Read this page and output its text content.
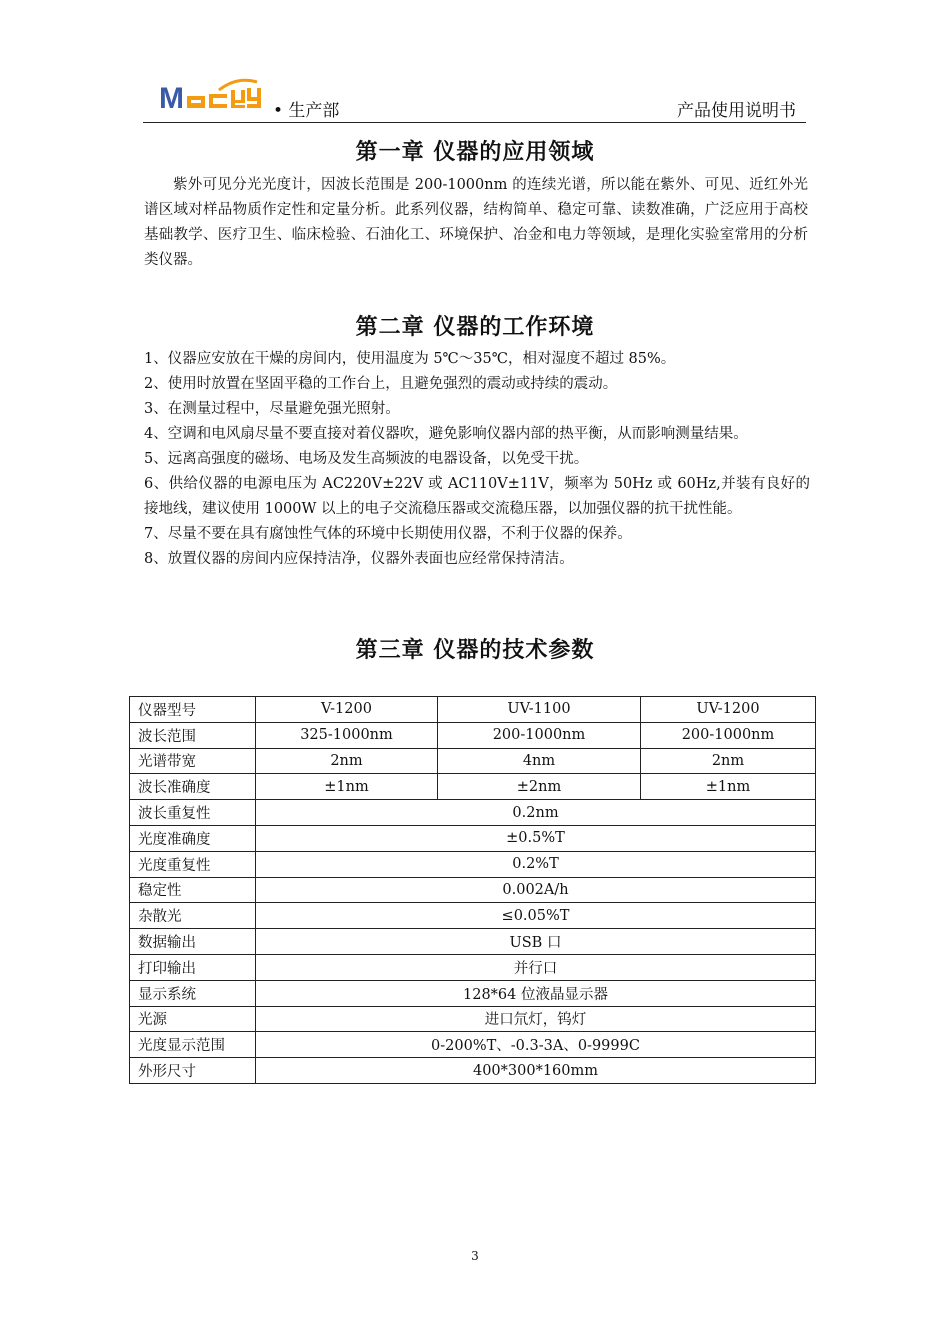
M	• 生产部	产品使用说明书
第一章 仪器的应用领域

紫外可见分光光度计，因波长范围是 200-1000nm 的连续光谱，所以能在紫外、可见、近红外光谱区域对样品物质作定性和定量分析。此系列仪器，结构简单、稳定可靠、读数准确，广泛应用于高校基础教学、医疗卫生、临床检验、石油化工、环境保护、冶金和电力等领域，是理化实验室常用的分析类仪器。

第二章 仪器的工作环境
1、仪器应安放在干燥的房间内，使用温度为 5℃～35℃，相对湿度不超过 85%。
2、使用时放置在坚固平稳的工作台上，且避免强烈的震动或持续的震动。
3、在测量过程中，尽量避免强光照射。
4、空调和电风扇尽量不要直接对着仪器吹，避免影响仪器内部的热平衡，从而影响测量结果。
5、远离高强度的磁场、电场及发生高频波的电器设备，以免受干扰。
6、供给仪器的电源电压为 AC220V±22V 或 AC110V±11V，频率为 50Hz 或 60Hz,并装有良好的接地线，建议使用 1000W 以上的电子交流稳压器或交流稳压器，以加强仪器的抗干扰性能。
7、尽量不要在具有腐蚀性气体的环境中长期使用仪器，不利于仪器的保养。
8、放置仪器的房间内应保持洁净，仪器外表面也应经常保持清洁。
第三章 仪器的技术参数
仪器型号	V-1200	UV-1100	UV-1200
波长范围	325-1000nm	200-1000nm	200-1000nm
光谱带宽	2nm	4nm	2nm
波长准确度	±1nm	±2nm	±1nm
波长重复性	0.2nm		
光度准确度	±0.5%T		
光度重复性	0.2%T		
稳定性	0.002A/h		
杂散光	≤0.05%T		
数据输出	USB 口		
打印输出	并行口		
显示系统	128*64 位液晶显示器		
光源	进口氘灯，钨灯		
光度显示范围	0-200%T、-0.3-3A、0-9999C		
外形尺寸	400*300*160mm		
3
